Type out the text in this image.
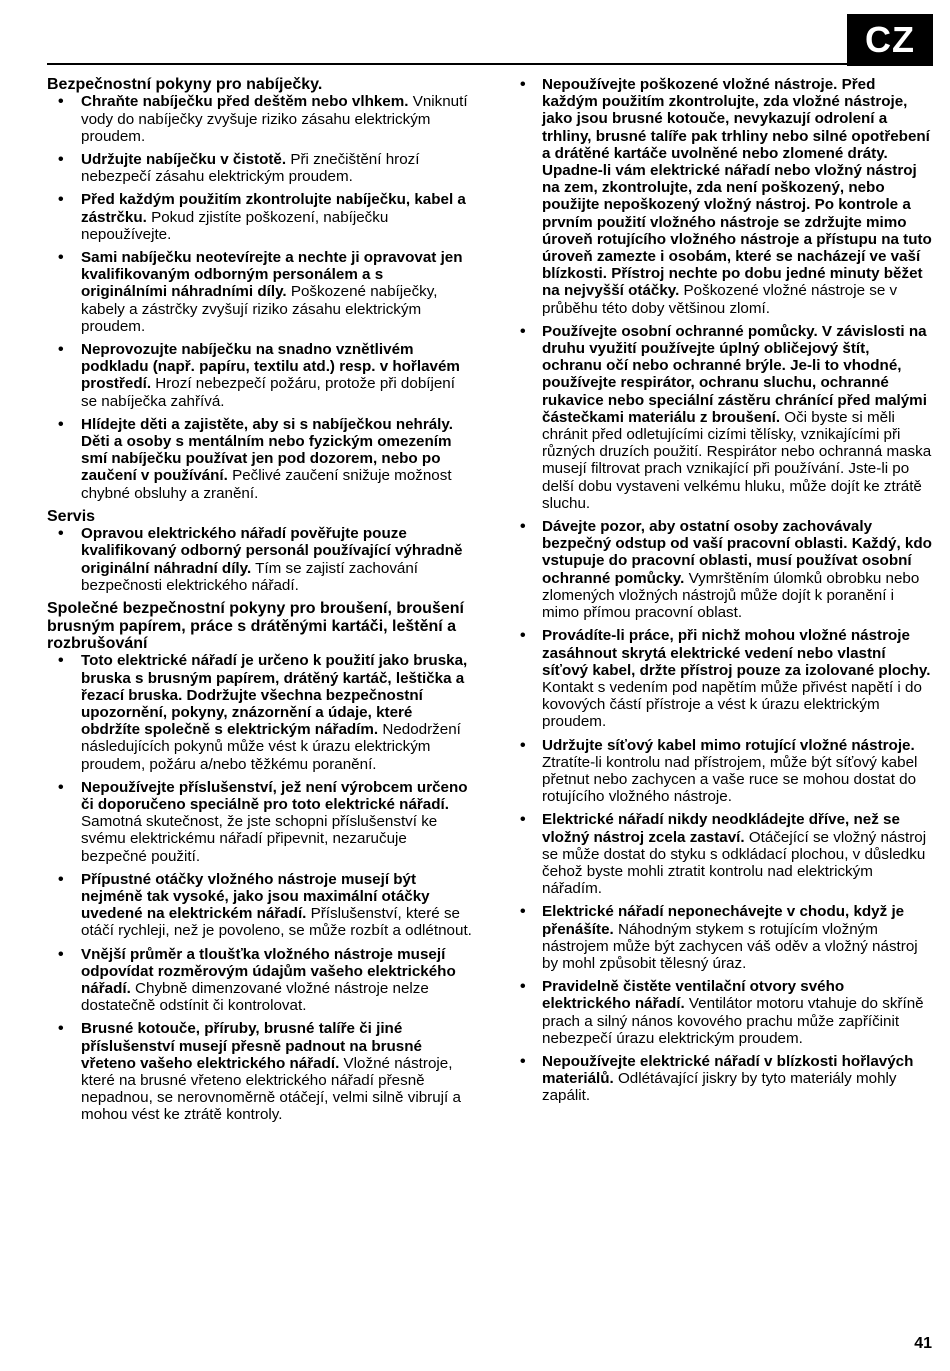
CZ

Bezpečnostní pokyny pro nabíječky.

• Chraňte nabíječku před deštěm nebo vlhkem. Vniknutí vody do nabíječky zvyšuje riziko zásahu elektrickým proudem.
• Udržujte nabíječku v čistotě. Při znečištění hrozí nebezpečí zásahu elektrickým proudem.
• Před každým použitím zkontrolujte nabíječku, kabel a zástrčku. Pokud zjistíte poškození, nabíječku nepoužívejte.
• Sami nabíječku neotevírejte a nechte ji opravovat jen kvalifikovaným odborným personálem a s originálními náhradními díly. Poškozené nabíječky, kabely a zástrčky zvyšují riziko zásahu elektrickým proudem.
• Neprovozujte nabíječku na snadno vznětlivém podkladu (např. papíru, textilu atd.) resp. v hořlavém prostředí. Hrozí nebezpečí požáru, protože při dobíjení se nabíječka zahřívá.
• Hlídejte děti a zajistěte, aby si s nabíječkou nehrály. Děti a osoby s mentálním nebo fyzickým omezením smí nabíječku používat jen pod dozorem, nebo po zaučení v používání. Pečlivé zaučení snižuje možnost chybné obsluhy a zranění.

Servis

• Opravou elektrického nářadí pověřujte pouze kvalifikovaný odborný personál používající výhradně originální náhradní díly. Tím se zajistí zachování bezpečnosti elektrického nářadí.

Společné bezpečnostní pokyny pro broušení, broušení brusným papírem, práce s drátěnými kartáči, leštění a rozbrušování

• Toto elektrické nářadí je určeno k použití jako bruska, bruska s brusným papírem, drátěný kartáč, leštička a řezací bruska. Dodržujte všechna bezpečnostní upozornění, pokyny, znázornění a údaje, které obdržíte společně s elektrickým nářadím. Nedodržení následujících pokynů může vést k úrazu elektrickým proudem, požáru a/nebo těžkému poranění.
• Nepoužívejte příslušenství, jež není výrobcem určeno či doporučeno speciálně pro toto elektrické nářadí. Samotná skutečnost, že jste schopni příslušenství ke svému elektrickému nářadí připevnit, nezaručuje bezpečné použití.
• Přípustné otáčky vložného nástroje musejí být nejméně tak vysoké, jako jsou maximální otáčky uvedené na elektrickém nářadí. Příslušenství, které se otáčí rychleji, než je povoleno, se může rozbít a odlétnout.
• Vnější průměr a tloušťka vložného nástroje musejí odpovídat rozměrovým údajům vašeho elektrického nářadí. Chybně dimenzované vložné nástroje nelze dostatečně odstínit či kontrolovat.
• Brusné kotouče, příruby, brusné talíře či jiné příslušenství musejí přesně padnout na brusné vřeteno vašeho elektrického nářadí. Vložné nástroje, které na brusné vřeteno elektrického nářadí přesně nepadnou, se nerovnoměrně otáčejí, velmi silně vibrují a mohou vést ke ztrátě kontroly.
• Nepoužívejte poškozené vložné nástroje. Před každým použitím zkontrolujte, zda vložné nástroje, jako jsou brusné kotouče, nevykazují odrolení a trhliny, brusné talíře pak trhliny nebo silné opotřebení a drátěné kartáče uvolněné nebo zlomené dráty. Upadne-li vám elektrické nářadí nebo vložný nástroj na zem, zkontrolujte, zda není poškozený, nebo použijte nepoškozený vložný nástroj. Po kontrole a prvním použití vložného nástroje se zdržujte mimo úroveň rotujícího vložného nástroje a přístupu na tuto úroveň zamezte i osobám, které se nacházejí ve vaší blízkosti. Přístroj nechte po dobu jedné minuty běžet na nejvyšší otáčky. Poškozené vložné nástroje se v průběhu této doby většinou zlomí.
• Používejte osobní ochranné pomůcky. V závislosti na druhu využití používejte úplný obličejový štít, ochranu očí nebo ochranné brýle. Je-li to vhodné, používejte respirátor, ochranu sluchu, ochranné rukavice nebo speciální zástěru chránící před malými částečkami materiálu z broušení. Oči byste si měli chránit před odletujícími cizími tělísky, vznikajícími při různých druzích použití. Respirátor nebo ochranná maska musejí filtrovat prach vznikající při používání. Jste-li po delší dobu vystaveni velkému hluku, může dojít ke ztrátě sluchu.
• Dávejte pozor, aby ostatní osoby zachovávaly bezpečný odstup od vaší pracovní oblasti. Každý, kdo vstupuje do pracovní oblasti, musí používat osobní ochranné pomůcky. Vymrštěním úlomků obrobku nebo zlomených vložných nástrojů může dojít k poranění i mimo přímou pracovní oblast.
• Provádíte-li práce, při nichž mohou vložné nástroje zasáhnout skrytá elektrické vedení nebo vlastní síťový kabel, držte přístroj pouze za izolované plochy. Kontakt s vedením pod napětím může přivést napětí i do kovových částí přístroje a vést k úrazu elektrickým proudem.
• Udržujte síťový kabel mimo rotující vložné nástroje. Ztratíte-li kontrolu nad přístrojem, může být síťový kabel přetnut nebo zachycen a vaše ruce se mohou dostat do rotujícího vložného nástroje.
• Elektrické nářadí nikdy neodkládejte dříve, než se vložný nástroj zcela zastaví. Otáčející se vložný nástroj se může dostat do styku s odkládací plochou, v důsledku čehož byste mohli ztratit kontrolu nad elektrickým nářadím.
• Elektrické nářadí neponechávejte v chodu, když je přenášíte. Náhodným stykem s rotujícím vložným nástrojem může být zachycen váš oděv a vložný nástroj by mohl způsobit tělesný úraz.
• Pravidelně čistěte ventilační otvory svého elektrického nářadí. Ventilátor motoru vtahuje do skříně prach a silný nános kovového prachu může zapříčinit nebezpečí úrazu elektrickým proudem.
• Nepoužívejte elektrické nářadí v blízkosti hořlavých materiálů. Odlétávající jiskry by tyto materiály mohly zapálit.
41
